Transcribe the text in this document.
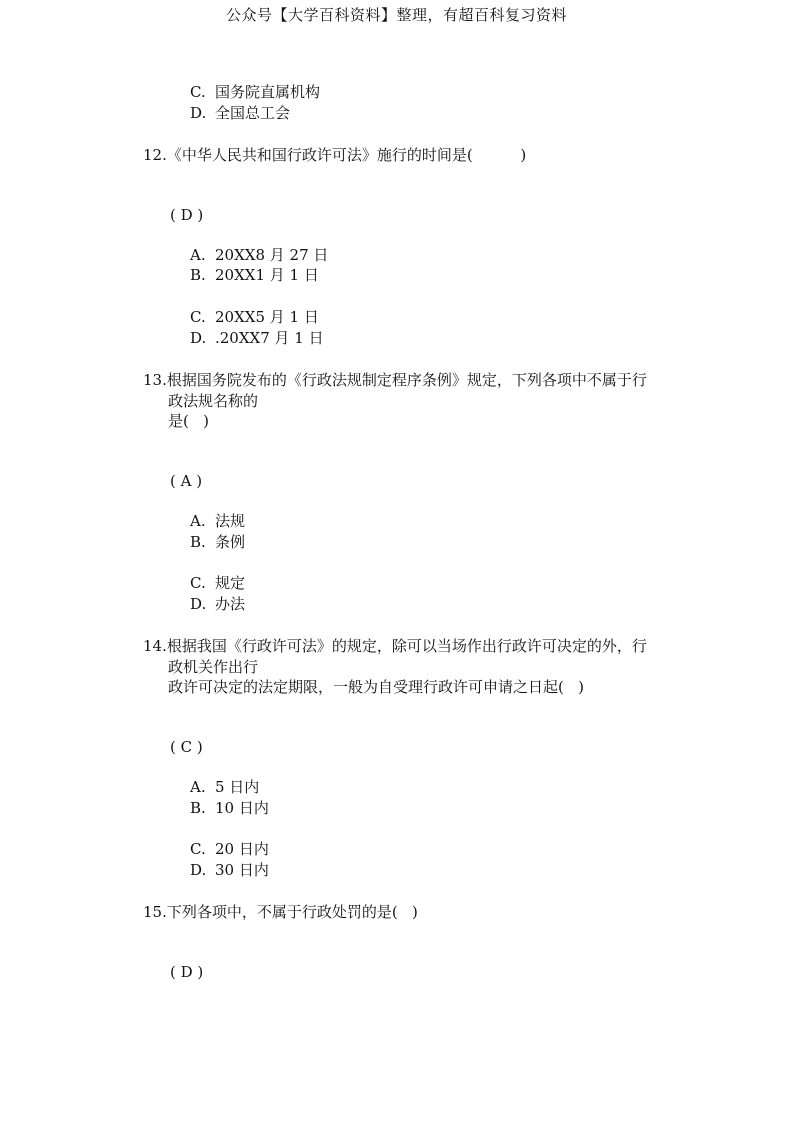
公众号【大学百科资料】整理，有超百科复习资料
C. 国务院直属机构
D. 全国总工会
12.《中华人民共和国行政许可法》施行的时间是(          )
( D )
A. 20XX8 月 27 日
B. 20XX1 月 1 日
C. 20XX5 月 1 日
D. .20XX7 月 1 日
13.根据国务院发布的《行政法规制定程序条例》规定，下列各项中不属于行
政法规名称的
是(   )
( A )
A. 法规
B. 条例
C. 规定
D. 办法
14.根据我国《行政许可法》的规定，除可以当场作出行政许可决定的外，行
政机关作出行
政许可决定的法定期限，一般为自受理行政许可申请之日起(   )
( C )
A. 5 日内
B. 10 日内
C. 20 日内
D. 30 日内
15.下列各项中，不属于行政处罚的是(   )
( D )
